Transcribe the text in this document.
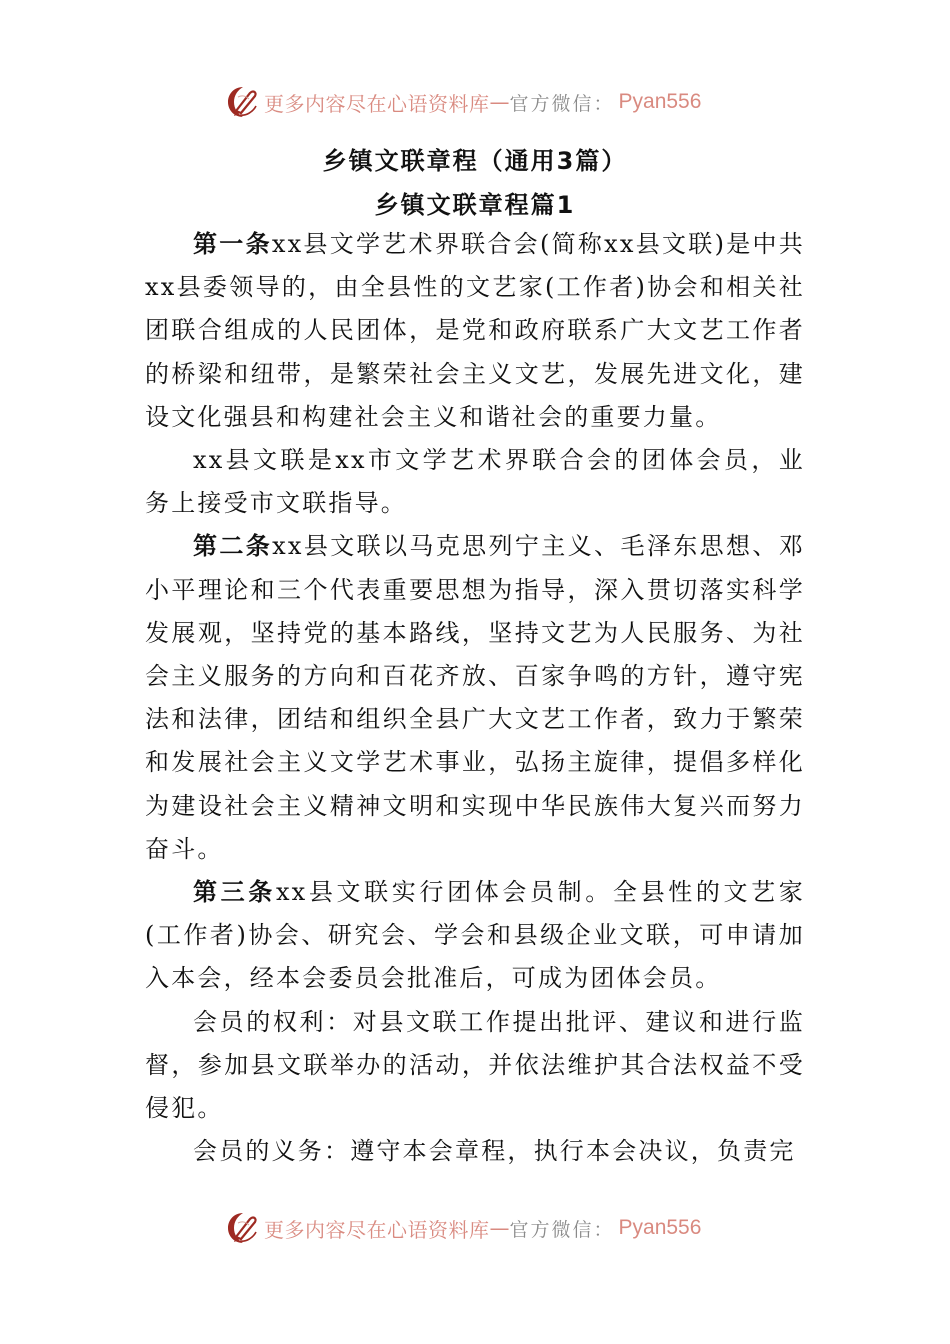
更多内容尽在心语资料库 — 官方微信： Pyan556
乡镇文联章程（通用3篇）
乡镇文联章程篇1

第一条xx县文学艺术界联合会(简称xx县文联)是中共xx县委领导的，由全县性的文艺家(工作者)协会和相关社团联合组成的人民团体，是党和政府联系广大文艺工作者的桥梁和纽带，是繁荣社会主义文艺，发展先进文化，建设文化强县和构建社会主义和谐社会的重要力量。

xx县文联是xx市文学艺术界联合会的团体会员，业务上接受市文联指导。

第二条xx县文联以马克思列宁主义、毛泽东思想、邓小平理论和三个代表重要思想为指导，深入贯切落实科学发展观，坚持党的基本路线，坚持文艺为人民服务、为社会主义服务的方向和百花齐放、百家争鸣的方针，遵守宪法和法律，团结和组织全县广大文艺工作者，致力于繁荣和发展社会主义文学艺术事业，弘扬主旋律，提倡多样化为建设社会主义精神文明和实现中华民族伟大复兴而努力奋斗。

第三条xx县文联实行团体会员制。全县性的文艺家(工作者)协会、研究会、学会和县级企业文联，可申请加入本会，经本会委员会批准后，可成为团体会员。

会员的权利：对县文联工作提出批评、建议和进行监督，参加县文联举办的活动，并依法维护其合法权益不受侵犯。

会员的义务：遵守本会章程，执行本会决议，负责完

更多内容尽在心语资料库 — 官方微信： Pyan556
